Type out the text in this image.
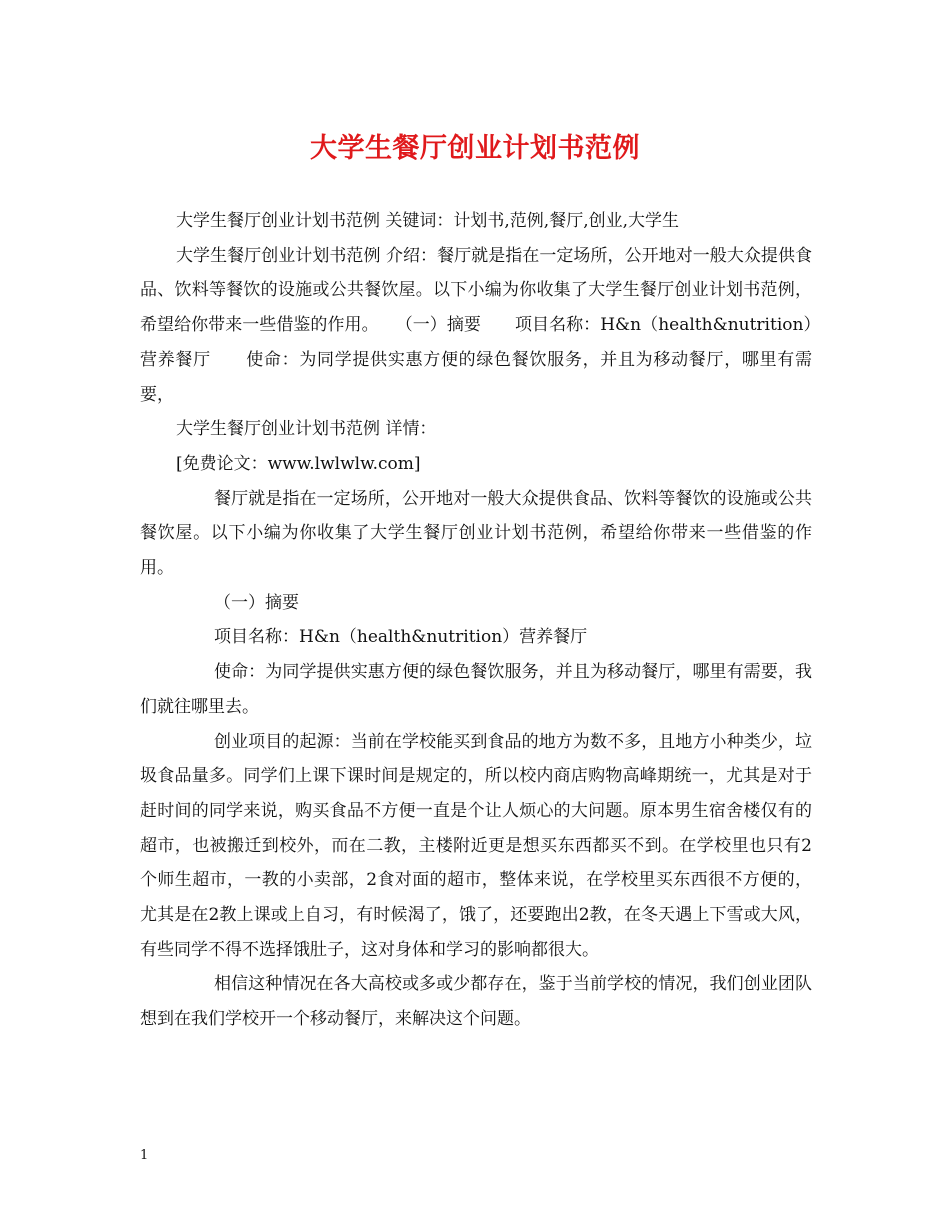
大学生餐厅创业计划书范例

大学生餐厅创业计划书范例 关键词：计划书,范例,餐厅,创业,大学生

大学生餐厅创业计划书范例 介绍：餐厅就是指在一定场所，公开地对一般大众提供食品、饮料等餐饮的设施或公共餐饮屋。以下小编为你收集了大学生餐厅创业计划书范例，希望给你带来一些借鉴的作用。　　（一）摘要　　项目名称：H&n（health&nutrition）营养餐厅　　使命：为同学提供实惠方便的绿色餐饮服务，并且为移动餐厅，哪里有需要，

大学生餐厅创业计划书范例 详情：

[免费论文：www.lwlwlw.com]

餐厅就是指在一定场所，公开地对一般大众提供食品、饮料等餐饮的设施或公共餐饮屋。以下小编为你收集了大学生餐厅创业计划书范例，希望给你带来一些借鉴的作用。

（一）摘要

项目名称：H&n（health&nutrition）营养餐厅

使命：为同学提供实惠方便的绿色餐饮服务，并且为移动餐厅，哪里有需要，我们就往哪里去。

创业项目的起源：当前在学校能买到食品的地方为数不多，且地方小种类少，垃圾食品量多。同学们上课下课时间是规定的，所以校内商店购物高峰期统一，尤其是对于赶时间的同学来说，购买食品不方便一直是个让人烦心的大问题。原本男生宿舍楼仅有的超市，也被搬迁到校外，而在二教，主楼附近更是想买东西都买不到。在学校里也只有2个师生超市，一教的小卖部，2食对面的超市，整体来说，在学校里买东西很不方便的，尤其是在2教上课或上自习，有时候渴了，饿了，还要跑出2教，在冬天遇上下雪或大风，有些同学不得不选择饿肚子，这对身体和学习的影响都很大。

相信这种情况在各大高校或多或少都存在，鉴于当前学校的情况，我们创业团队想到在我们学校开一个移动餐厅，来解决这个问题。

1
